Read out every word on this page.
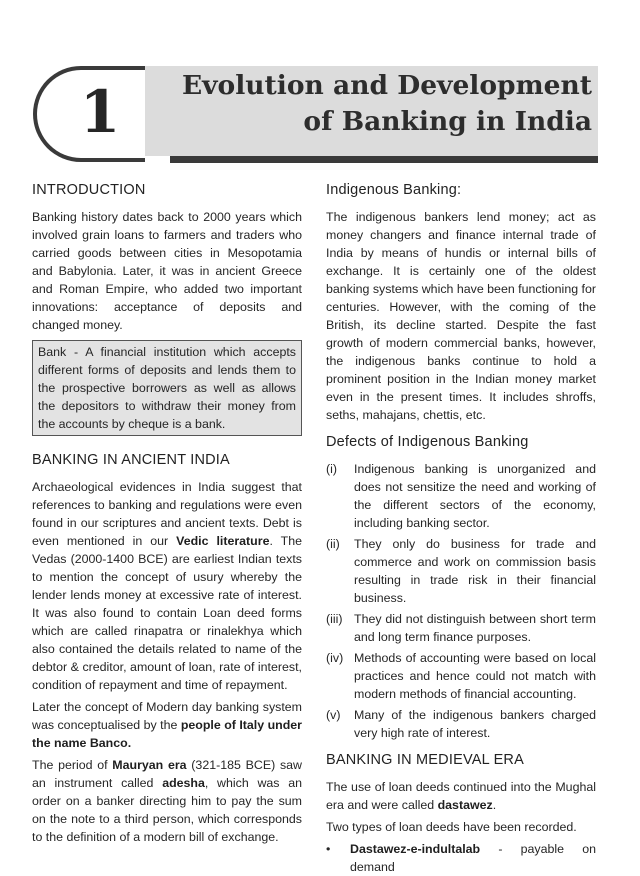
1	Evolution and Development
of Banking in India
INTRODUCTION

Banking history dates back to 2000 years which involved grain loans to farmers and traders who carried goods between cities in Mesopotamia and Babylonia. Later, it was in ancient Greece and Roman Empire, who added two important innovations: acceptance of deposits and changed money.

Bank - A financial institution which accepts different forms of deposits and lends them to the prospective borrowers as well as allows the depositors to withdraw their money from the accounts by cheque is a bank.
BANKING IN ANCIENT INDIA

Archaeological evidences in India suggest that references to banking and regulations were even found in our scriptures and ancient texts. Debt is even mentioned in our Vedic literature. The Vedas (2000-1400 BCE) are earliest Indian texts to mention the concept of usury whereby the lender lends money at excessive rate of interest. It was also found to contain Loan deed forms which are called rinapatra or rinalekhya which also contained the details related to name of the debtor & creditor, amount of loan, rate of interest, condition of repayment and time of repayment.

Later the concept of Modern day banking system was conceptualised by the people of Italy under the name Banco.

The period of Mauryan era (321-185 BCE) saw an instrument called adesha, which was an order on a banker directing him to pay the sum on the note to a third person, which corresponds to the definition of a modern bill of exchange.

Indigenous Banking:

The indigenous bankers lend money; act as money changers and finance internal trade of India by means of hundis or internal bills of exchange. It is certainly one of the oldest banking systems which have been functioning for centuries. However, with the coming of the British, its decline started. Despite the fast growth of modern commercial banks, however, the indigenous banks continue to hold a prominent position in the Indian money market even in the present times. It includes shroffs, seths, mahajans, chettis, etc.

Defects of Indigenous Banking
(i)	Indigenous banking is unorganized and does not sensitize the need and working of the different sectors of the economy, including banking sector.
(ii)	They only do business for trade and commerce and work on commission basis resulting in trade risk in their financial business.
(iii) They did not distinguish between short term and long term finance purposes.
(iv) Methods of accounting were based on local practices and hence could not match with modern methods of financial accounting.
(v)	Many of the indigenous bankers charged very high rate of interest.
BANKING IN MEDIEVAL ERA

The use of loan deeds continued into the Mughal era and were called dastawez.

Two types of loan deeds have been recorded.

•	Dastawez-e-indultalab - payable on demand
